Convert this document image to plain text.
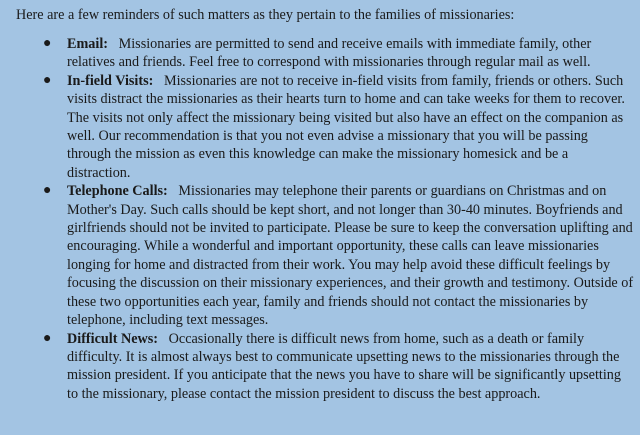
Here are a few reminders of such matters as they pertain to the families of missionaries:

● Email:   Missionaries are permitted to send and receive emails with immediate family, other relatives and friends. Feel free to correspond with missionaries through regular mail as well.
● In-field Visits:   Missionaries are not to receive in-field visits from family, friends or others. Such visits distract the missionaries as their hearts turn to home and can take weeks for them to recover. The visits not only affect the missionary being visited but also have an effect on the companion as well. Our recommendation is that you not even advise a missionary that you will be passing through the mission as even this knowledge can make the missionary homesick and be a distraction.
● Telephone Calls:   Missionaries may telephone their parents or guardians on Christmas and on Mother's Day. Such calls should be kept short, and not longer than 30-40 minutes. Boyfriends and girlfriends should not be invited to participate. Please be sure to keep the conversation uplifting and encouraging. While a wonderful and important opportunity, these calls can leave missionaries longing for home and distracted from their work. You may help avoid these difficult feelings by focusing the discussion on their missionary experiences, and their growth and testimony. Outside of these two opportunities each year, family and friends should not contact the missionaries by telephone, including text messages.
● Difficult News:   Occasionally there is difficult news from home, such as a death or family difficulty. It is almost always best to communicate upsetting news to the missionaries through the mission president. If you anticipate that the news you have to share will be significantly upsetting to the missionary, please contact the mission president to discuss the best approach.
